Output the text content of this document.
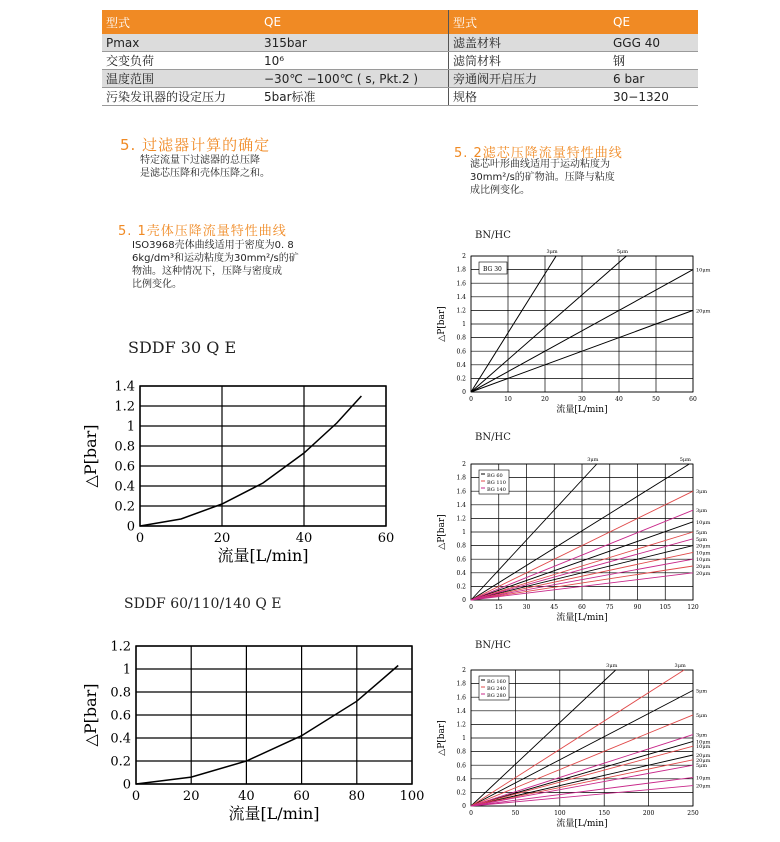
型式	QE	型式	QE
Pmax	315bar	滤盖材料	GGG 40
交变负荷	10⁶	滤筒材料	钢
温度范围	−30℃ −100℃ ( s, Pkt.2 )	旁通阀开启压力	6 bar
污染发讯器的设定压力	5bar标准	规格	30−1320
5. 过滤器计算的确定
特定流量下过滤器的总压降
是滤芯压降和壳体压降之和。
5. 1壳体压降流量特性曲线
ISO3968壳体曲线适用于密度为0. 8
6kg/dm³和运动粘度为30mm²/s的矿
物油。这种情况下，压降与密度成
比例变化。
5. 2滤芯压降流量特性曲线
滤芯叶形曲线适用于运动粘度为
30mm²/s的矿物油。压降与粘度
成比例变化。
SDDF 30 Q E
SDDF 60/110/140 Q E
BN/HC
BN/HC
BN/HC
0	20	40	60
0
0.2
0.4
0.6
0.8
1
1.2
1.4
流量[L/min]
△P[bar]
0	20	40	60	80	100
0
0.2
0.4
0.6
0.8
1
1.2
流量[L/min]
△P[bar]
0	10	20	30	40	50	60
0
0.2
0.4
0.6
0.8
1
1.2
1.4
1.6
1.8
2
流量[L/min]
△P[bar]
3μm	5μm
10μm
20μm
BG 30
0	15	30	45	60	75	90	105	120
0
0.2
0.4
0.6
0.8
1
1.2
1.4
1.6
1.8
2
流量[L/min]
△P[bar]
3μm	5μm
10μm
20μm
3μm
5μm
10μm
20μm
3μm
5μm
10μm
20μm
BG 60
BG 110
BG 140
0	50	100	150	200	250
0
0.2
0.4
0.6
0.8
1
1.2
1.4
1.6
1.8
2
流量[L/min]
△P[bar]
3μm
5μm
10μm
20μm
3μm
5μm
10μm
20μm
3μm
5μm
10μm
20μm
BG 160
BG 240
BG 280
